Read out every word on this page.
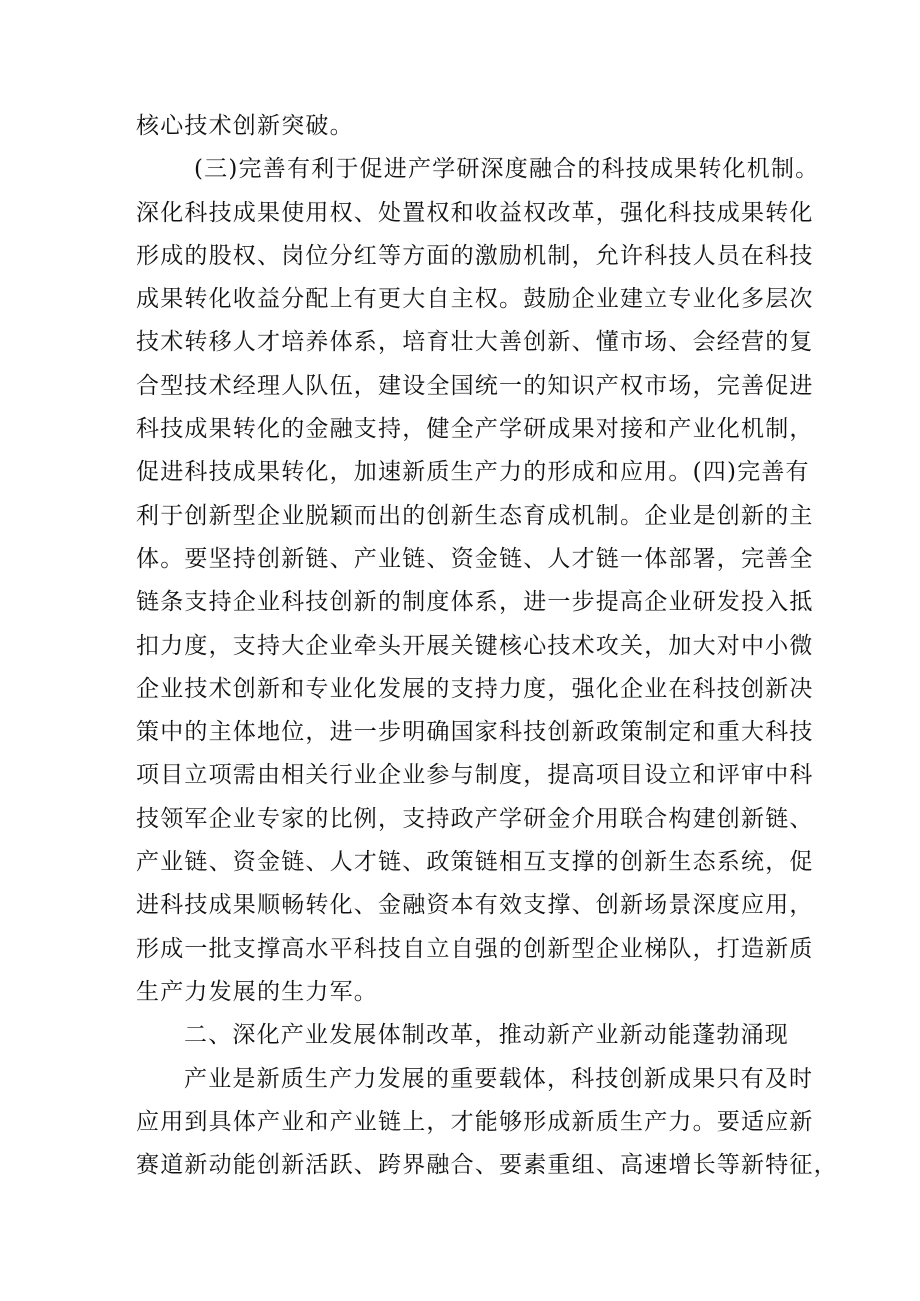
核心技术创新突破。
(三)完善有利于促进产学研深度融合的科技成果转化机制。
深化科技成果使用权、处置权和收益权改革，强化科技成果转化
形成的股权、岗位分红等方面的激励机制，允许科技人员在科技
成果转化收益分配上有更大自主权。鼓励企业建立专业化多层次
技术转移人才培养体系，培育壮大善创新、懂市场、会经营的复
合型技术经理人队伍，建设全国统一的知识产权市场，完善促进
科技成果转化的金融支持，健全产学研成果对接和产业化机制，
促进科技成果转化，加速新质生产力的形成和应用。(四)完善有
利于创新型企业脱颖而出的创新生态育成机制。企业是创新的主
体。要坚持创新链、产业链、资金链、人才链一体部署，完善全
链条支持企业科技创新的制度体系，进一步提高企业研发投入抵
扣力度，支持大企业牵头开展关键核心技术攻关，加大对中小微
企业技术创新和专业化发展的支持力度，强化企业在科技创新决
策中的主体地位，进一步明确国家科技创新政策制定和重大科技
项目立项需由相关行业企业参与制度，提高项目设立和评审中科
技领军企业专家的比例，支持政产学研金介用联合构建创新链、
产业链、资金链、人才链、政策链相互支撑的创新生态系统，促
进科技成果顺畅转化、金融资本有效支撑、创新场景深度应用，
形成一批支撑高水平科技自立自强的创新型企业梯队，打造新质
生产力发展的生力军。
二、深化产业发展体制改革，推动新产业新动能蓬勃涌现
产业是新质生产力发展的重要载体，科技创新成果只有及时
应用到具体产业和产业链上，才能够形成新质生产力。要适应新
赛道新动能创新活跃、跨界融合、要素重组、高速增长等新特征，
